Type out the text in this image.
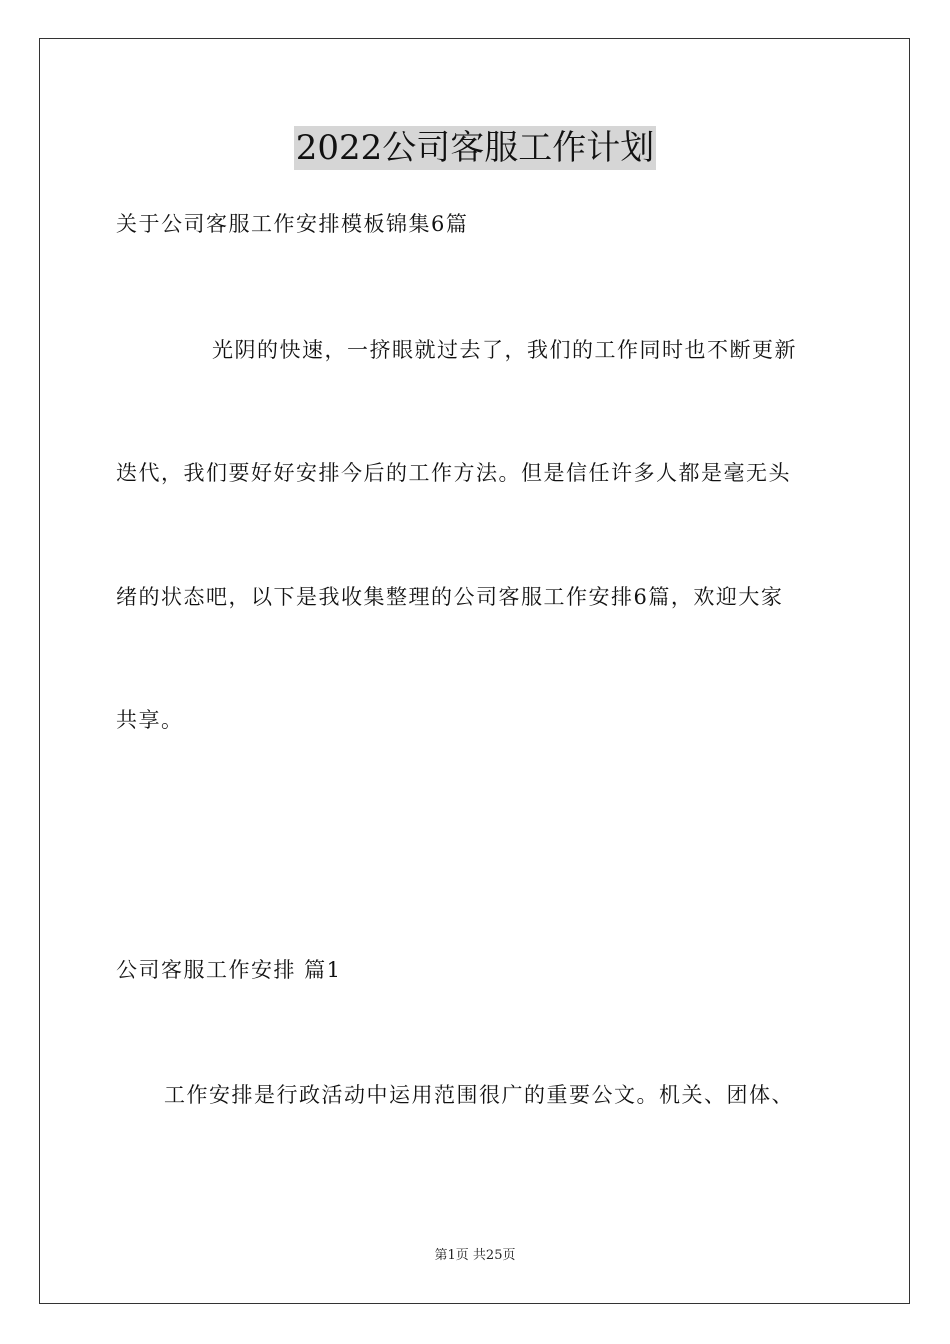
2022公司客服工作计划
关于公司客服工作安排模板锦集6篇
光阴的快速，一挤眼就过去了，我们的工作同时也不断更新
迭代，我们要好好安排今后的工作方法。但是信任许多人都是毫无头
绪的状态吧，以下是我收集整理的公司客服工作安排6篇，欢迎大家
共享。
公司客服工作安排 篇1
工作安排是行政活动中运用范围很广的重要公文。机关、团体、
第1页 共25页
